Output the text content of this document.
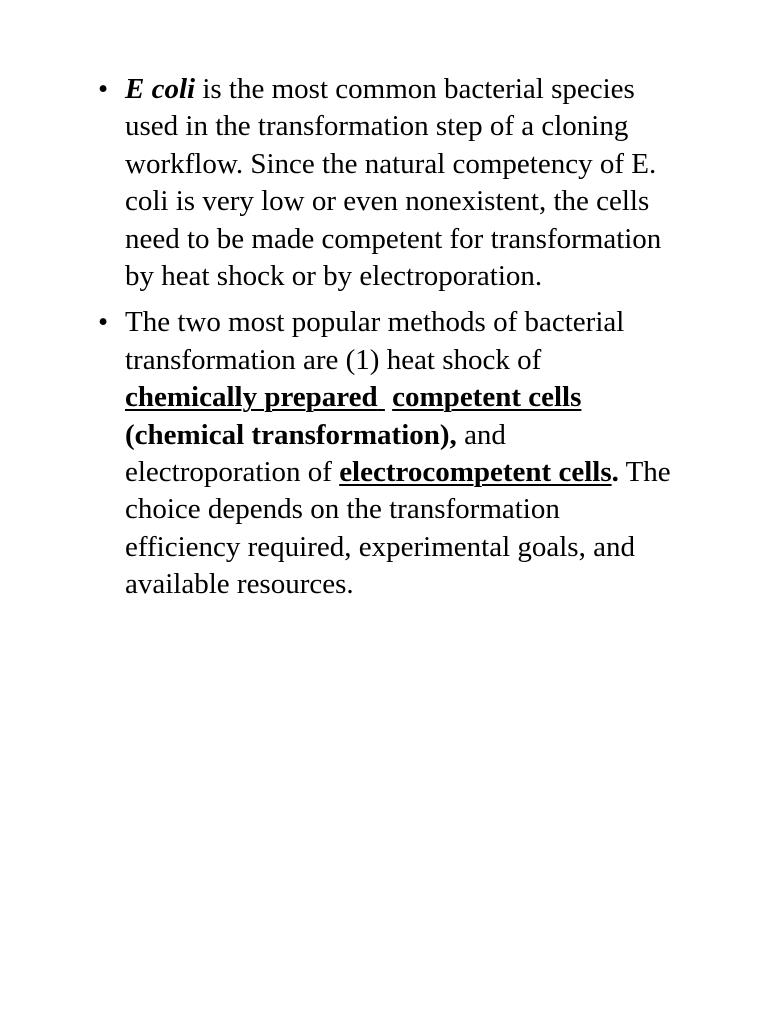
• E coli is the most common bacterial species used in the transformation step of a cloning workflow. Since the natural competency of E. coli is very low or even nonexistent, the cells need to be made competent for transformation by heat shock or by electroporation.
• The two most popular methods of bacterial transformation are (1) heat shock of chemically prepared competent cells (chemical transformation), and electroporation of electrocompetent cells. The choice depends on the transformation efficiency required, experimental goals, and available resources.
